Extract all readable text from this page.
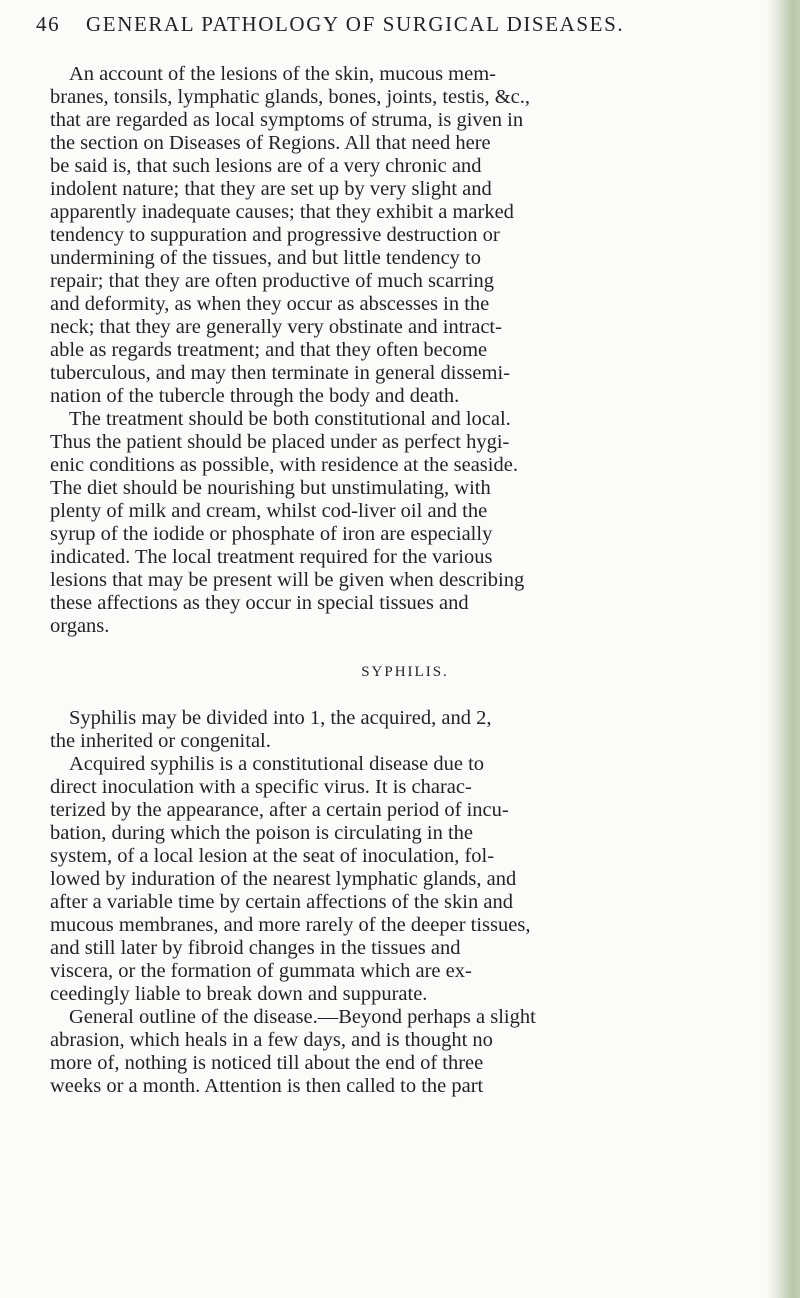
46 GENERAL PATHOLOGY OF SURGICAL DISEASES.
An account of the lesions of the skin, mucous mem-
branes, tonsils, lymphatic glands, bones, joints, testis, &c.,
that are regarded as local symptoms of struma, is given in
the section on Diseases of Regions. All that need here
be said is, that such lesions are of a very chronic and
indolent nature; that they are set up by very slight and
apparently inadequate causes; that they exhibit a marked
tendency to suppuration and progressive destruction or
undermining of the tissues, and but little tendency to
repair; that they are often productive of much scarring
and deformity, as when they occur as abscesses in the
neck; that they are generally very obstinate and intract-
able as regards treatment; and that they often become
tuberculous, and may then terminate in general dissemi-
nation of the tubercle through the body and death.
The treatment should be both constitutional and local.
Thus the patient should be placed under as perfect hygi-
enic conditions as possible, with residence at the seaside.
The diet should be nourishing but unstimulating, with
plenty of milk and cream, whilst cod-liver oil and the
syrup of the iodide or phosphate of iron are especially
indicated. The local treatment required for the various
lesions that may be present will be given when describing
these affections as they occur in special tissues and
organs.
SYPHILIS.
Syphilis may be divided into 1, the acquired, and 2,
the inherited or congenital.
Acquired syphilis is a constitutional disease due to
direct inoculation with a specific virus. It is charac-
terized by the appearance, after a certain period of incu-
bation, during which the poison is circulating in the
system, of a local lesion at the seat of inoculation, fol-
lowed by induration of the nearest lymphatic glands, and
after a variable time by certain affections of the skin and
mucous membranes, and more rarely of the deeper tissues,
and still later by fibroid changes in the tissues and
viscera, or the formation of gummata which are ex-
ceedingly liable to break down and suppurate.
General outline of the disease.—Beyond perhaps a slight
abrasion, which heals in a few days, and is thought no
more of, nothing is noticed till about the end of three
weeks or a month. Attention is then called to the part
